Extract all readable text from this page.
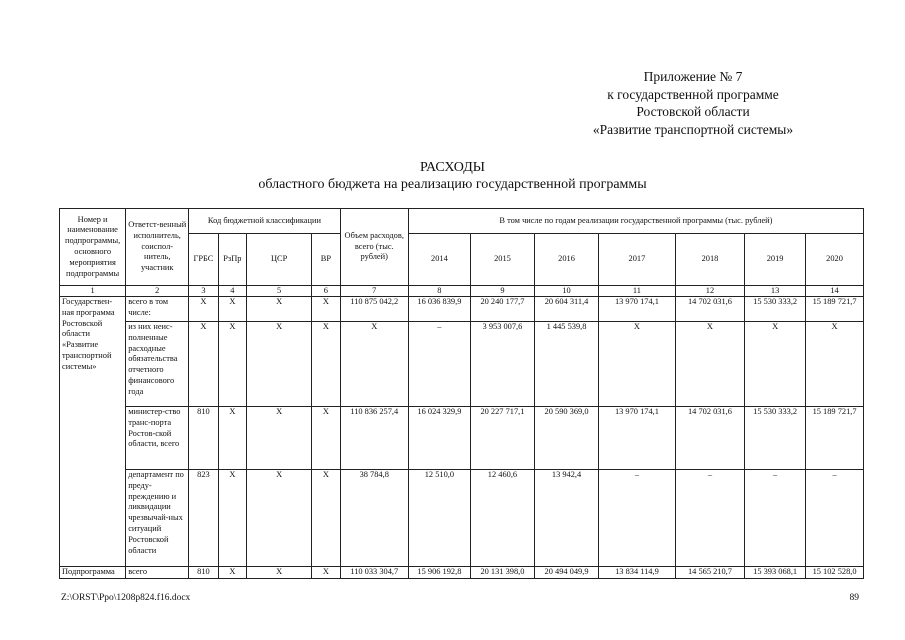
Приложение № 7
к государственной программе
Ростовской области
«Развитие транспортной системы»
РАСХОДЫ
областного бюджета на реализацию государственной программы
Номер и наименование подпрограммы, основного мероприятия подпрограммы	Ответст-венный исполнитель, соиспол-нитель, участник	Код бюджетной классификации				Объем расходов, всего (тыс. рублей)	В том числе по годам реализации государственной программы (тыс. рублей)						
		ГРБС	РзПр	ЦСР	ВР		2014	2015	2016	2017	2018	2019	2020
1	2	3	4	5	6	7	8	9	10	11	12	13	14
Государствен-ная программа Ростовской области «Развитие транспортной системы»	всего в том числе:	Х	Х	Х	Х	110 875 042,2	16 036 839,9	20 240 177,7	20 604 311,4	13 970 174,1	14 702 031,6	15 530 333,2	15 189 721,7
	из них неис-полненные расходные обязательства отчетного финансового года	Х	Х	Х	Х	Х	–	3 953 007,6	1 445 539,8	Х	Х	Х	Х
	министер-ство транс-порта Ростов-ской области, всего	810	Х	Х	Х	110 836 257,4	16 024 329,9	20 227 717,1	20 590 369,0	13 970 174,1	14 702 031,6	15 530 333,2	15 189 721,7
	департамент по преду-преждению и ликвидации чрезвычай-ных ситуаций Ростовской области	823	Х	Х	Х	38 784,8	12 510,0	12 460,6	13 942,4	–	–	–	–
Подпрограмма	всего	810	Х	Х	Х	110 033 304,7	15 906 192,8	20 131 398,0	20 494 049,9	13 834 114,9	14 565 210,7	15 393 068,1	15 102 528,0
Z:\ORST\Ppo\1208p824.f16.docx	89
